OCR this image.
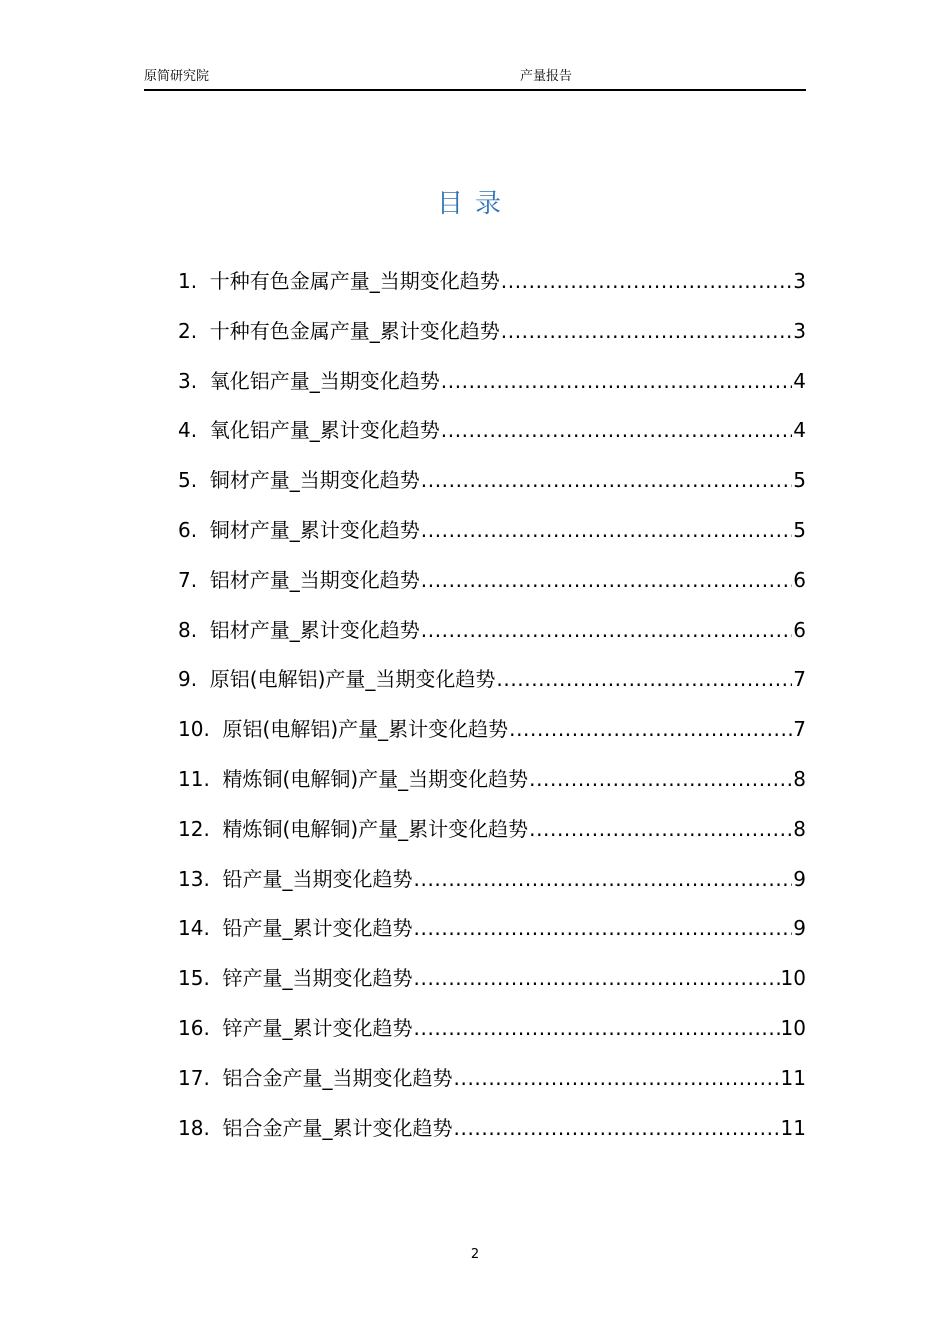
原简研究院	产量报告
目录
1. 十种有色金属产量_当期变化趋势 .....	3
2. 十种有色金属产量_累计变化趋势 .....	3
3. 氧化铝产量_当期变化趋势 .....	4
4. 氧化铝产量_累计变化趋势 .....	4
5. 铜材产量_当期变化趋势 .....	5
6. 铜材产量_累计变化趋势 .....	5
7. 铝材产量_当期变化趋势 .....	6
8. 铝材产量_累计变化趋势 .....	6
9. 原铝(电解铝)产量_当期变化趋势 .....	7
10. 原铝(电解铝)产量_累计变化趋势 .....	7
11. 精炼铜(电解铜)产量_当期变化趋势 .....	8
12. 精炼铜(电解铜)产量_累计变化趋势 .....	8
13. 铅产量_当期变化趋势 .....	9
14. 铅产量_累计变化趋势 .....	9
15. 锌产量_当期变化趋势 .....	10
16. 锌产量_累计变化趋势 .....	10
17. 铝合金产量_当期变化趋势 .....	11
18. 铝合金产量_累计变化趋势 .....	11
2
